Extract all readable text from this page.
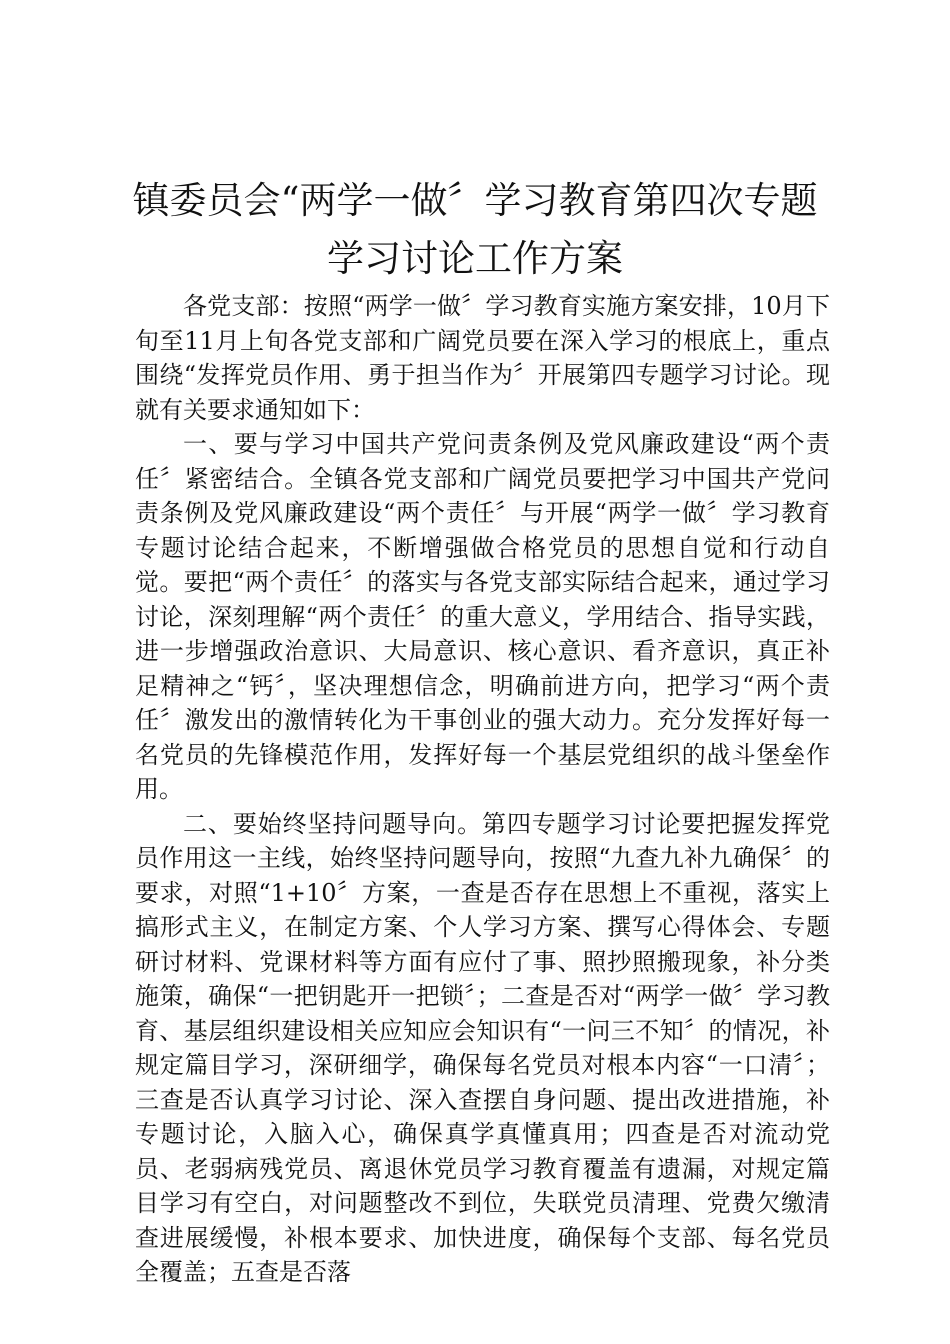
镇委员会“两学一做〞学习教育第四次专题学习讨论工作方案

各党支部：按照“两学一做〞学习教育实施方案安排，10月下旬至11月上旬各党支部和广阔党员要在深入学习的根底上，重点围绕“发挥党员作用、勇于担当作为〞开展第四专题学习讨论。现就有关要求通知如下：

一、要与学习中国共产党问责条例及党风廉政建设“两个责任〞紧密结合。全镇各党支部和广阔党员要把学习中国共产党问责条例及党风廉政建设“两个责任〞与开展“两学一做〞学习教育专题讨论结合起来，不断增强做合格党员的思想自觉和行动自觉。要把“两个责任〞的落实与各党支部实际结合起来，通过学习讨论，深刻理解“两个责任〞的重大意义，学用结合、指导实践，进一步增强政治意识、大局意识、核心意识、看齐意识，真正补足精神之“钙〞，坚决理想信念，明确前进方向，把学习“两个责任〞激发出的激情转化为干事创业的强大动力。充分发挥好每一名党员的先锋模范作用，发挥好每一个基层党组织的战斗堡垒作用。

二、要始终坚持问题导向。第四专题学习讨论要把握发挥党员作用这一主线，始终坚持问题导向，按照“九查九补九确保〞的要求，对照“1+10〞方案，一查是否存在思想上不重视，落实上搞形式主义，在制定方案、个人学习方案、撰写心得体会、专题研讨材料、党课材料等方面有应付了事、照抄照搬现象，补分类施策，确保“一把钥匙开一把锁〞；二查是否对“两学一做〞学习教育、基层组织建设相关应知应会知识有“一问三不知〞的情况，补规定篇目学习，深研细学，确保每名党员对根本内容“一口清〞；三查是否认真学习讨论、深入查摆自身问题、提出改进措施，补专题讨论，入脑入心，确保真学真懂真用；四查是否对流动党员、老弱病残党员、离退休党员学习教育覆盖有遗漏，对规定篇目学习有空白，对问题整改不到位，失联党员清理、党费欠缴清查进展缓慢，补根本要求、加快进度，确保每个支部、每名党员全覆盖；五查是否落
